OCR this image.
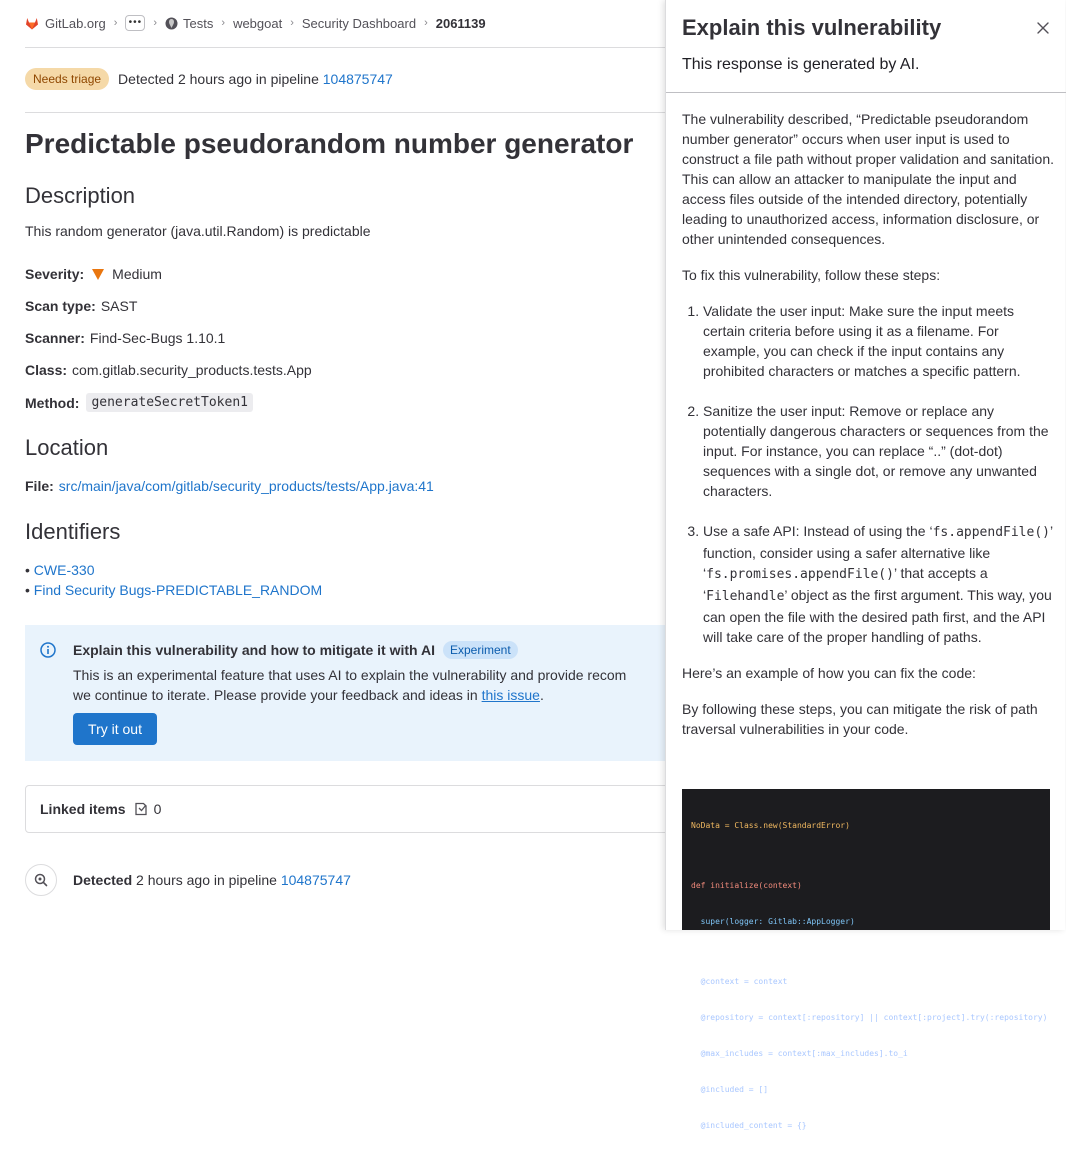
GitLab.org ›	••• › Tests › webgoat › Security Dashboard › 2061139
Needs triage	Detected 2 hours ago in pipeline
104875747
Predictable pseudorandom number generator
Description
This random generator (java.util.Random) is predictable
Severity: Medium
Scan type: SAST
Scanner: Find-Sec-Bugs 1.10.1
Class: com.gitlab.security_products.tests.App
Method: generateSecretToken1
Location
File: src/main/java/com/gitlab/security_products/tests/App.java:41
Identifiers
• CWE-330
• Find Security Bugs-PREDICTABLE_RANDOM
Explain this vulnerability and how to mitigate it with AI	Experiment
This is an experimental feature that uses AI to explain the vulnerability and provide recom
we continue to iterate. Please provide your feedback and ideas in this issue.
Try it out
Linked items 0
Detected 2 hours ago in pipeline 104875747
Explain this vulnerability
This response is generated by AI.

The vulnerability described, “Predictable pseudorandom number generator” occurs when user input is used to construct a file path without proper validation and sanitation. This can allow an attacker to manipulate the input and access files outside of the intended directory, potentially leading to unauthorized access, information disclosure, or other unintended consequences.

To fix this vulnerability, follow these steps:

1. Validate the user input: Make sure the input meets certain criteria before using it as a filename. For example, you can check if the input contains any prohibited characters or matches a specific pattern.
2. Sanitize the user input: Remove or replace any potentially dangerous characters or sequences from the input. For instance, you can replace “..” (dot-dot) sequences with a single dot, or remove any unwanted characters.
3. Use a safe API: Instead of using the ‘fs.appendFile()’ function, consider using a safer alternative like ‘fs.promises.appendFile()’ that accepts a ‘Filehandle’ object as the first argument. This way, you can open the file with the desired path first, and the API will take care of the proper handling of paths.

Here’s an example of how you can fix the code:

By following these steps, you can mitigate the risk of path traversal vulnerabilities in your code.

NoData = Class.new(StandardError)

def initialize(context)

super(logger: Gitlab::AppLogger)

@context = context

@repository = context[:repository] || context[:project].try(:repository)

@max_includes = context[:max_includes].to_i

@included = []

@included_content = {}
